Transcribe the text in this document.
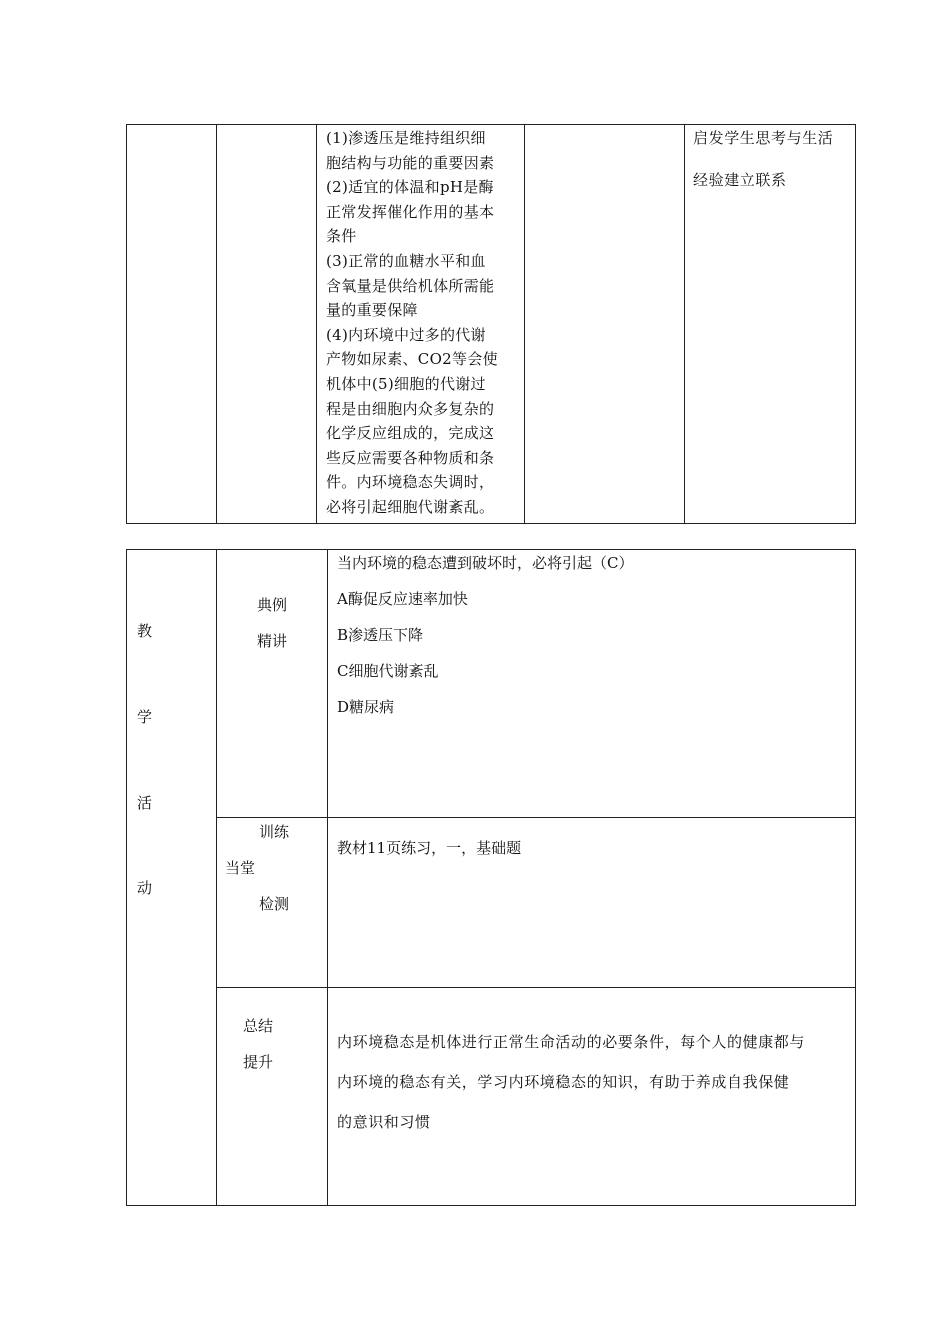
(1)渗透压是维持组织细
胞结构与功能的重要因素
(2)适宜的体温和pH是酶
正常发挥催化作用的基本
条件
(3)正常的血糖水平和血
含氧量是供给机体所需能
量的重要保障
(4)内环境中过多的代谢
产物如尿素、CO2等会使
机体中(5)细胞的代谢过
程是由细胞内众多复杂的
化学反应组成的，完成这
些反应需要各种物质和条
件。内环境稳态失调时，
必将引起细胞代谢紊乱。
启发学生思考与生活
经验建立联系
教
学
活
动
典例
精讲
当内环境的稳态遭到破坏时，必将引起（C）
A酶促反应速率加快
B渗透压下降
C细胞代谢紊乱
D糖尿病
训练
当堂
检测
教材11页练习，一，基础题
总结
提升
内环境稳态是机体进行正常生命活动的必要条件，每个人的健康都与
内环境的稳态有关，学习内环境稳态的知识，有助于养成自我保健
的意识和习惯
